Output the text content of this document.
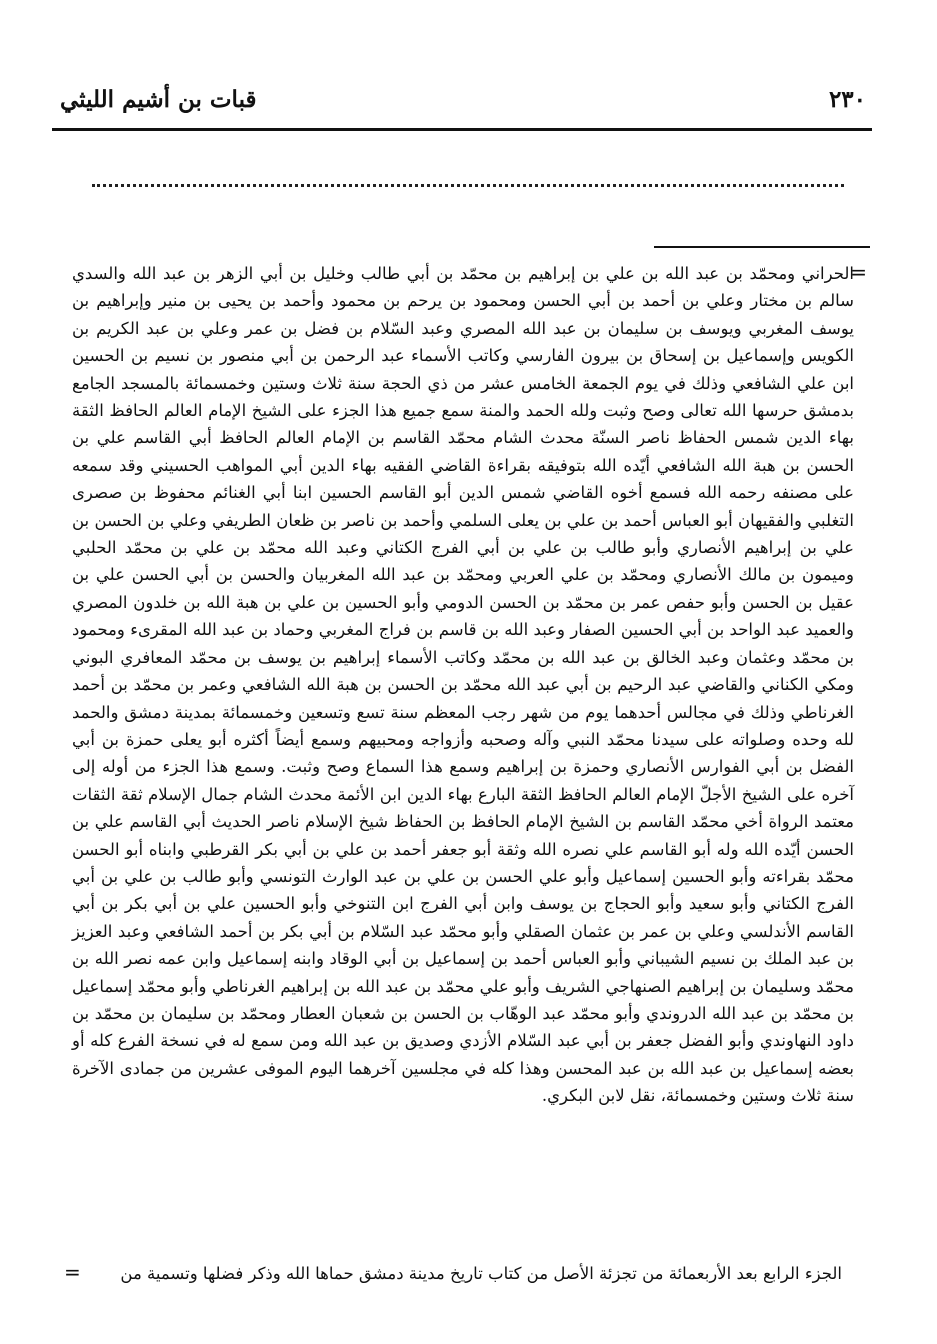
قبات بن أشيم الليثي	٢٣٠
=

الحراني ومحمّد بن عبد الله بن علي بن إبراهيم بن محمّد بن أبي طالب وخليل بن أبي الزهر بن عبد الله والسدي سالم بن مختار وعلي بن أحمد بن أبي الحسن ومحمود بن يرحم بن محمود وأحمد بن يحيى بن منير وإبراهيم بن يوسف المغربي ويوسف بن سليمان بن عبد الله المصري وعبد السّلام بن فضل بن عمر وعلي بن عبد الكريم بن الكويس وإسماعيل بن إسحاق بن بيرون الفارسي وكاتب الأسماء عبد الرحمن بن أبي منصور بن نسيم بن الحسين ابن علي الشافعي وذلك في يوم الجمعة الخامس عشر من ذي الحجة سنة ثلاث وستين وخمسمائة بالمسجد الجامع بدمشق حرسها الله تعالى وصح وثبت ولله الحمد والمنة سمع جميع هذا الجزء على الشيخ الإمام العالم الحافظ الثقة بهاء الدين شمس الحفاظ ناصر السنّة محدث الشام محمّد القاسم بن الإمام العالم الحافظ أبي القاسم علي بن الحسن بن هبة الله الشافعي أيّده الله بتوفيقه بقراءة القاضي الفقيه بهاء الدين أبي المواهب الحسيني وقد سمعه على مصنفه رحمه الله فسمع أخوه القاضي شمس الدين أبو القاسم الحسين ابنا أبي الغنائم محفوظ بن صصرى التغلبي والفقيهان أبو العباس أحمد بن علي بن يعلى السلمي وأحمد بن ناصر بن ظعان الطريفي وعلي بن الحسن بن علي بن إبراهيم الأنصاري وأبو طالب بن علي بن أبي الفرج الكتاني وعبد الله محمّد بن علي بن محمّد الحلبي وميمون بن مالك الأنصاري ومحمّد بن علي العربي ومحمّد بن عبد الله المغربيان والحسن بن أبي الحسن علي بن عقيل بن الحسن وأبو حفص عمر بن محمّد بن الحسن الدومي وأبو الحسين بن علي بن هبة الله بن خلدون المصري والعميد عبد الواحد بن أبي الحسين الصفار وعبد الله بن قاسم بن فراج المغربي وحماد بن عبد الله المقرىء ومحمود بن محمّد وعثمان وعبد الخالق بن عبد الله بن محمّد وكاتب الأسماء إبراهيم بن يوسف بن محمّد المعافري البوني ومكي الكناني والقاضي عبد الرحيم بن أبي عبد الله محمّد بن الحسن بن هبة الله الشافعي وعمر بن محمّد بن أحمد الغرناطي وذلك في مجالس أحدهما يوم من شهر رجب المعظم سنة تسع وتسعين وخمسمائة بمدينة دمشق والحمد لله وحده وصلواته على سيدنا محمّد النبي وآله وصحبه وأزواجه ومحبيهم وسمع أيضاً أكثره أبو يعلى حمزة بن أبي الفضل بن أبي الفوارس الأنصاري وحمزة بن إبراهيم وسمع هذا السماع وصح وثبت. وسمع هذا الجزء من أوله إلى آخره على الشيخ الأجلّ الإمام العالم الحافظ الثقة البارع بهاء الدين ابن الأئمة محدث الشام جمال الإسلام ثقة الثقات معتمد الرواة أخي محمّد القاسم بن الشيخ الإمام الحافظ بن الحفاظ شيخ الإسلام ناصر الحديث أبي القاسم علي بن الحسن أيّده الله وله أبو القاسم علي نصره الله وثقة أبو جعفر أحمد بن علي بن أبي بكر القرطبي وابناه أبو الحسن محمّد بقراءته وأبو الحسين إسماعيل وأبو علي الحسن بن علي بن عبد الوارث التونسي وأبو طالب بن علي بن أبي الفرج الكتاني وأبو سعيد وأبو الحجاج بن يوسف وابن أبي الفرج ابن التنوخي وأبو الحسين علي بن أبي بكر بن أبي القاسم الأندلسي وعلي بن عمر بن عثمان الصقلي وأبو محمّد عبد السّلام بن أبي بكر بن أحمد الشافعي وعبد العزيز بن عبد الملك بن نسيم الشيباني وأبو العباس أحمد بن إسماعيل بن أبي الوقاد وابنه إسماعيل وابن عمه نصر الله بن محمّد وسليمان بن إبراهيم الصنهاجي الشريف وأبو علي محمّد بن عبد الله بن إبراهيم الغرناطي وأبو محمّد إسماعيل بن محمّد بن عبد الله الدروندي وأبو محمّد عبد الوهّاب بن الحسن بن شعبان العطار ومحمّد بن سليمان بن محمّد بن داود النهاوندي وأبو الفضل جعفر بن أبي عبد السّلام الأزدي وصديق بن عبد الله ومن سمع له في نسخة الفرع كله أو بعضه إسماعيل بن عبد الله بن عبد المحسن وهذا كله في مجلسين آخرهما اليوم الموفى عشرين من جمادى الآخرة سنة ثلاث وستين وخمسمائة، نقل لابن البكري.

الجزء الرابع بعد الأربعمائة من تجزئة الأصل من كتاب تاريخ مدينة دمشق حماها الله وذكر فضلها وتسمية من

=
